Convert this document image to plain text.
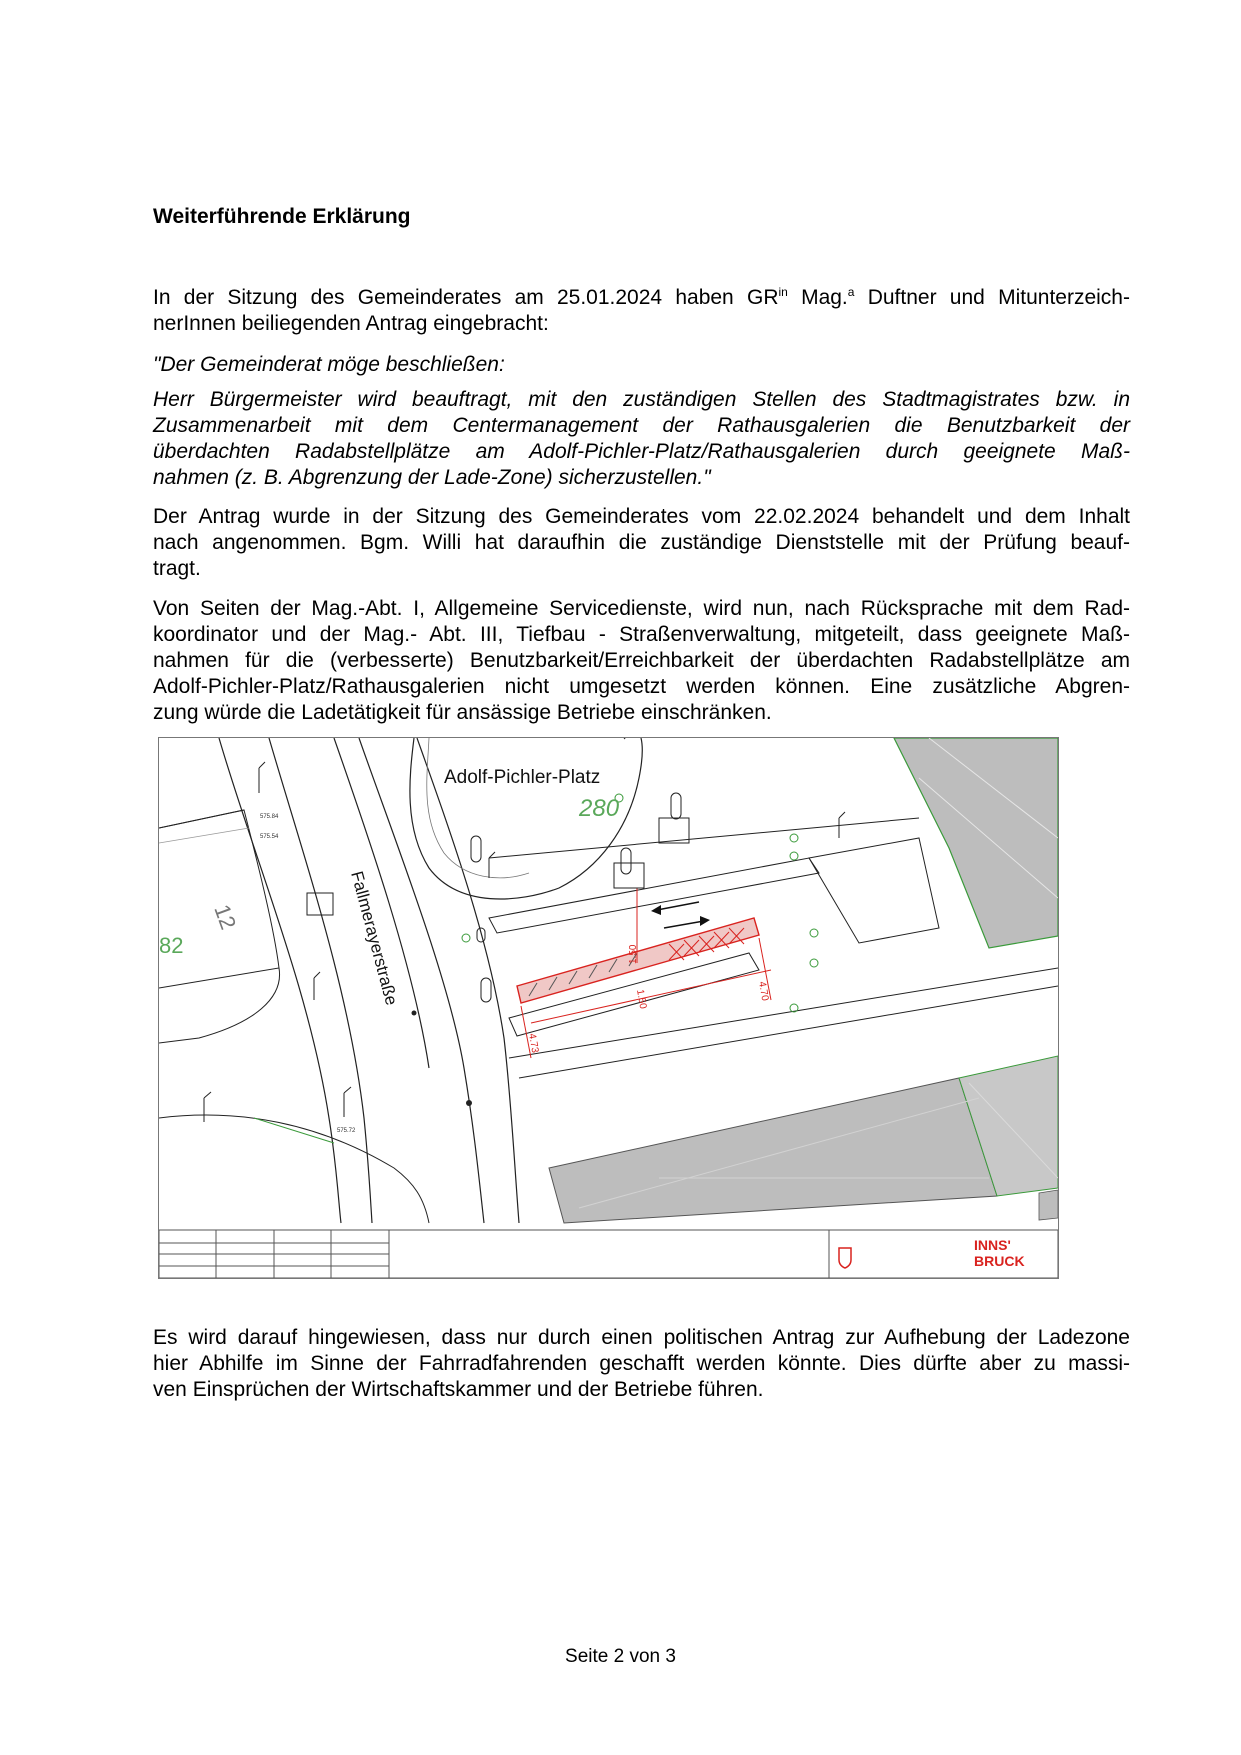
Weiterführende Erklärung

In der Sitzung des Gemeinderates am 25.01.2024 haben $GR^{in}$ Mag.$^a$ Duftner und Mitunterzeich-
nerInnen beiliegenden Antrag eingebracht:

"Der Gemeinderat möge beschließen:

Herr Bürgermeister wird beauftragt, mit den zuständigen Stellen des Stadtmagistrates bzw. in
Zusammenarbeit mit dem Centermanagement der Rathausgalerien die Benutzbarkeit der
überdachten Radabstellplätze am Adolf-Pichler-Platz/Rathausgalerien durch geeignete Maß-
nahmen (z. B. Abgrenzung der Lade-Zone) sicherzustellen."

Der Antrag wurde in der Sitzung des Gemeinderates vom 22.02.2024 behandelt und dem Inhalt
nach angenommen. Bgm. Willi hat daraufhin die zuständige Dienststelle mit der Prüfung beauf-
tragt.

Von Seiten der Mag.-Abt. I, Allgemeine Servicedienste, wird nun, nach Rücksprache mit dem Rad-
koordinator und der Mag.- Abt. III, Tiefbau - Straßenverwaltung, mitgeteilt, dass geeignete Maß-
nahmen für die (verbesserte) Benutzbarkeit/Erreichbarkeit der überdachten Radabstellplätze am
Adolf-Pichler-Platz/Rathausgalerien nicht umgesetzt werden können. Eine zusätzliche Abgren-
zung würde die Ladetätigkeit für ansässige Betriebe einschränken.

Adolf-Pichler-Platz
280
12
82	Fallmerayerstraße	1.50
1.50	4.70
4.73
575.84
575.54
575.72
INNS'
BRUCK

Es wird darauf hingewiesen, dass nur durch einen politischen Antrag zur Aufhebung der Ladezone
hier Abhilfe im Sinne der Fahrradfahrenden geschafft werden könnte. Dies dürfte aber zu massi-
ven Einsprüchen der Wirtschaftskammer und der Betriebe führen.

Seite 2 von 3
